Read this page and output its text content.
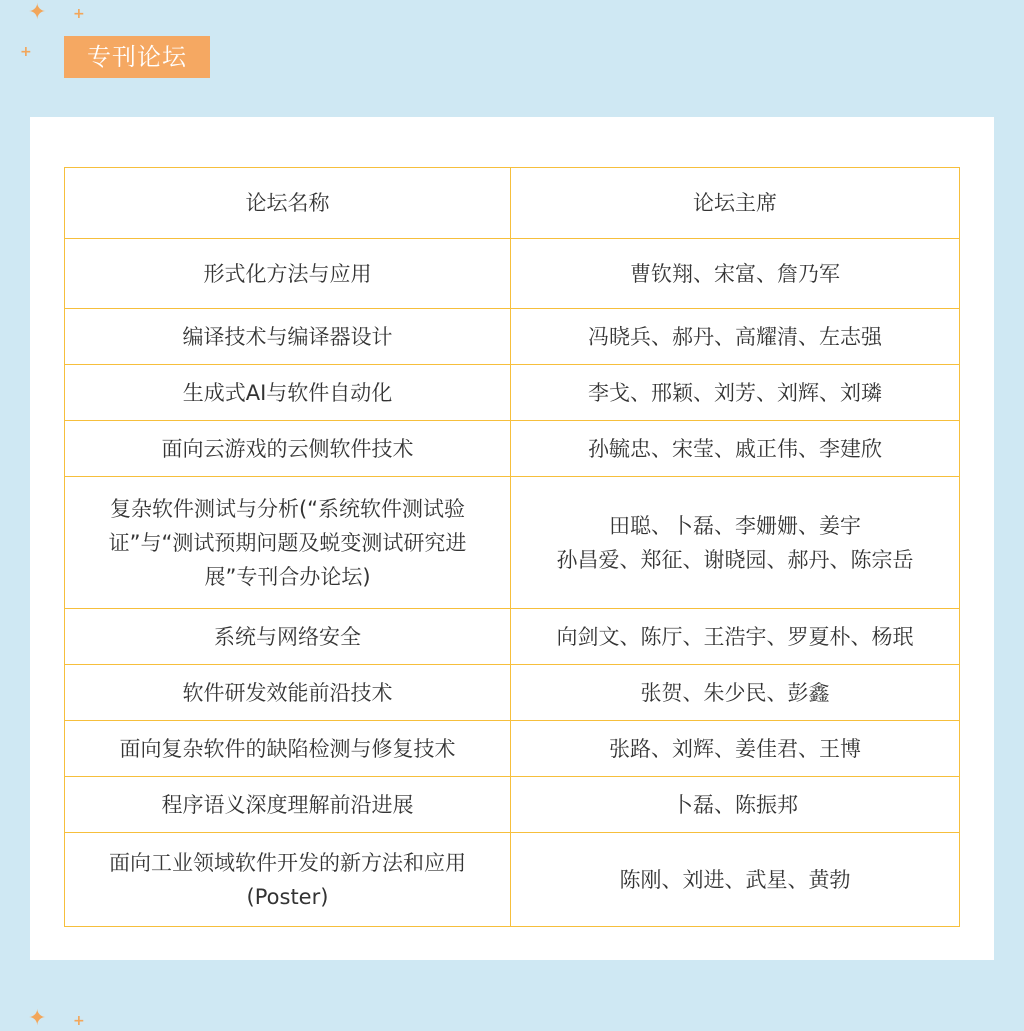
✦ +
+
✦ +
专刊论坛
论坛名称	论坛主席

形式化方法与应用	曹钦翔、宋富、詹乃军

编译技术与编译器设计	冯晓兵、郝丹、高耀清、左志强

生成式AI与软件自动化	李戈、邢颖、刘芳、刘辉、刘璘

面向云游戏的云侧软件技术	孙毓忠、宋莹、戚正伟、李建欣

复杂软件测试与分析(“系统软件测试验
证”与“测试预期问题及蜕变测试研究进
展”专刊合办论坛)	田聪、卜磊、李姗姗、姜宇
孙昌爱、郑征、谢晓园、郝丹、陈宗岳

系统与网络安全	向剑文、陈厅、王浩宇、罗夏朴、杨珉

软件研发效能前沿技术	张贺、朱少民、彭鑫

面向复杂软件的缺陷检测与修复技术	张路、刘辉、姜佳君、王博

程序语义深度理解前沿进展	卜磊、陈振邦

面向工业领域软件开发的新方法和应用
(Poster)	陈刚、刘进、武星、黄勃
